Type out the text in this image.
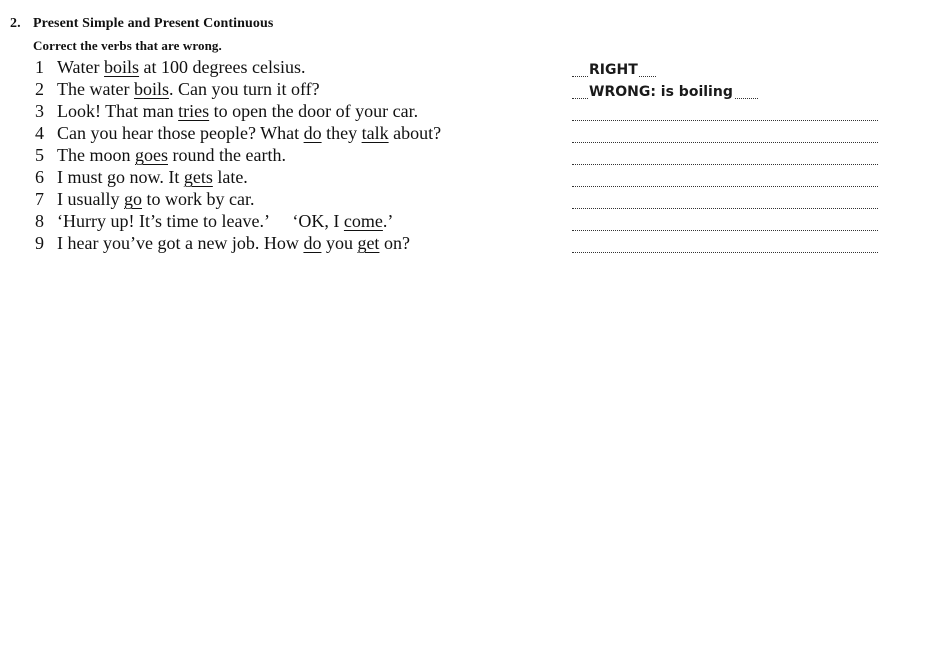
2. Present Simple and Present Continuous
Correct the verbs that are wrong.
1 Water boils at 100 degrees celsius.	RIGHT
2 The water boils. Can you turn it off?	WRONG: is boiling
3 Look! That man tries to open the door of your car.
4 Can you hear those people? What do they talk about?
5 The moon goes round the earth.
6 I must go now. It gets late.
7 I usually go to work by car.
8 ‘Hurry up! It’s time to leave.’  ‘OK, I come.’
9 I hear you’ve got a new job. How do you get on?
